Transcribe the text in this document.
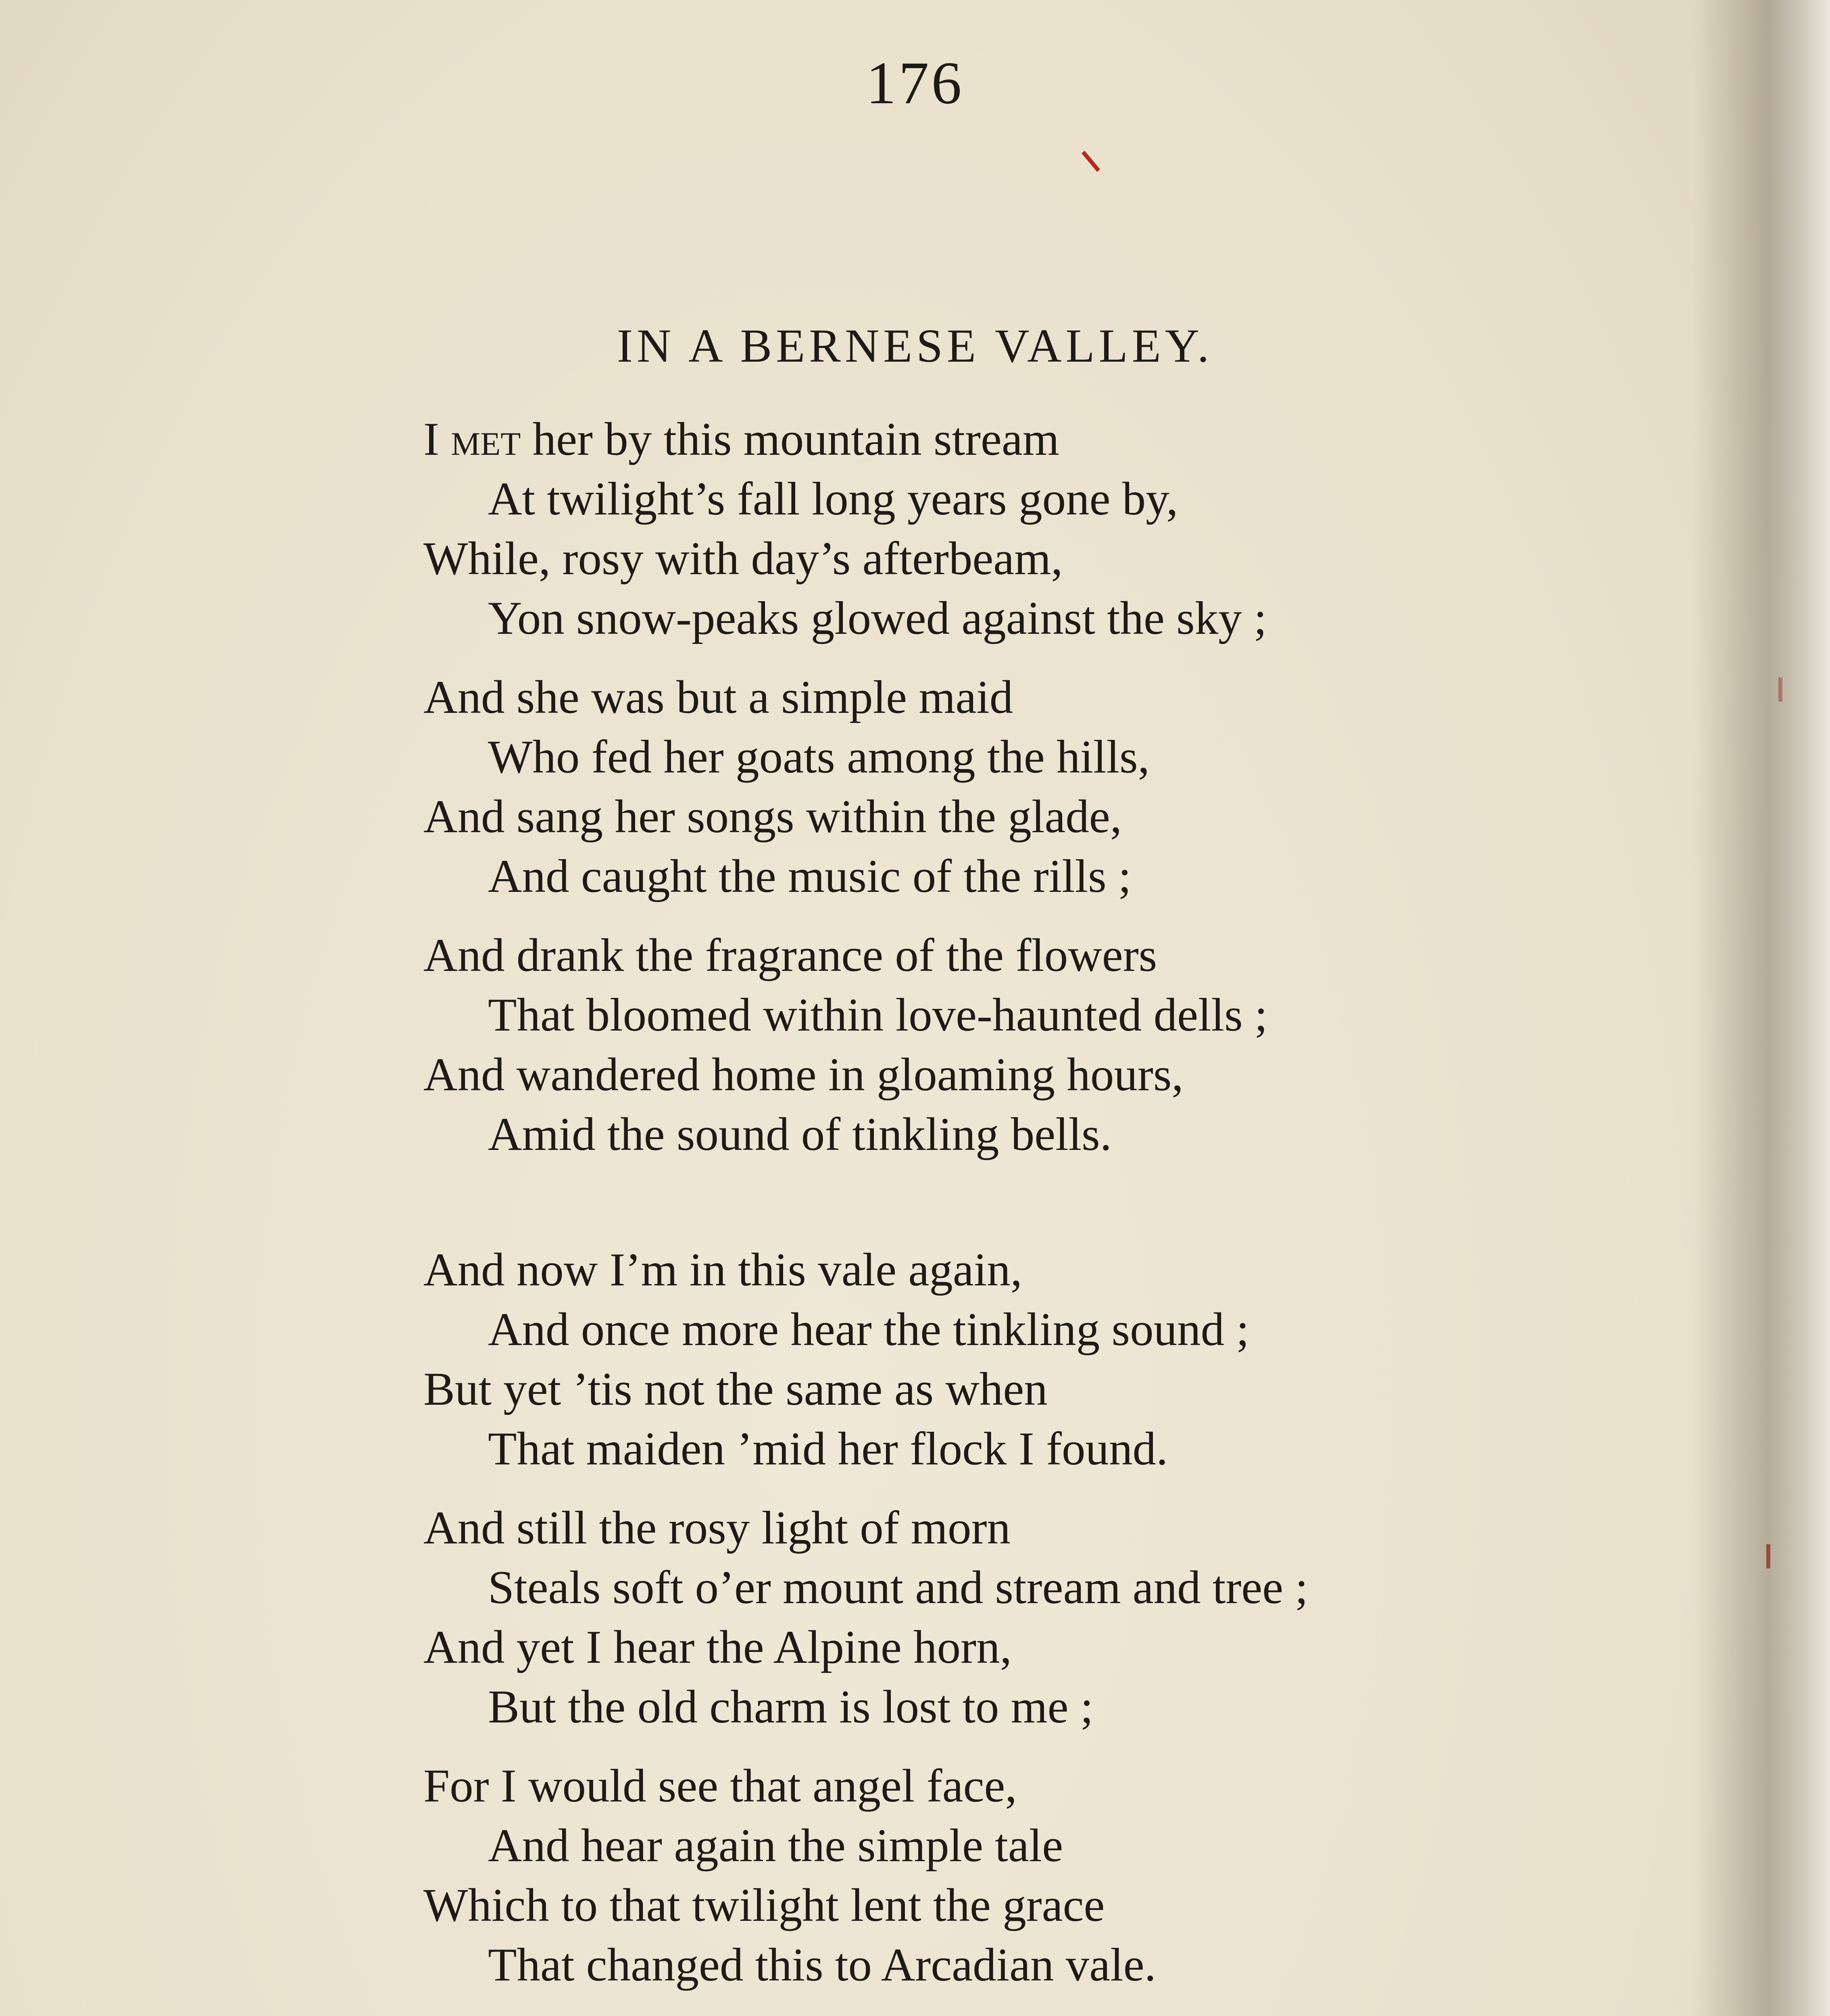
176
IN A BERNESE VALLEY.
I met her by this mountain stream
At twilight’s fall long years gone by,
While, rosy with day’s afterbeam,
Yon snow-peaks glowed against the sky ;
And she was but a simple maid
Who fed her goats among the hills,
And sang her songs within the glade,
And caught the music of the rills ;
And drank the fragrance of the flowers
That bloomed within love-haunted dells ;
And wandered home in gloaming hours,
Amid the sound of tinkling bells.
And now I’m in this vale again,
And once more hear the tinkling sound ;
But yet ’tis not the same as when
That maiden ’mid her flock I found.
And still the rosy light of morn
Steals soft o’er mount and stream and tree ;
And yet I hear the Alpine horn,
But the old charm is lost to me ;
For I would see that angel face,
And hear again the simple tale
Which to that twilight lent the grace
That changed this to Arcadian vale.
